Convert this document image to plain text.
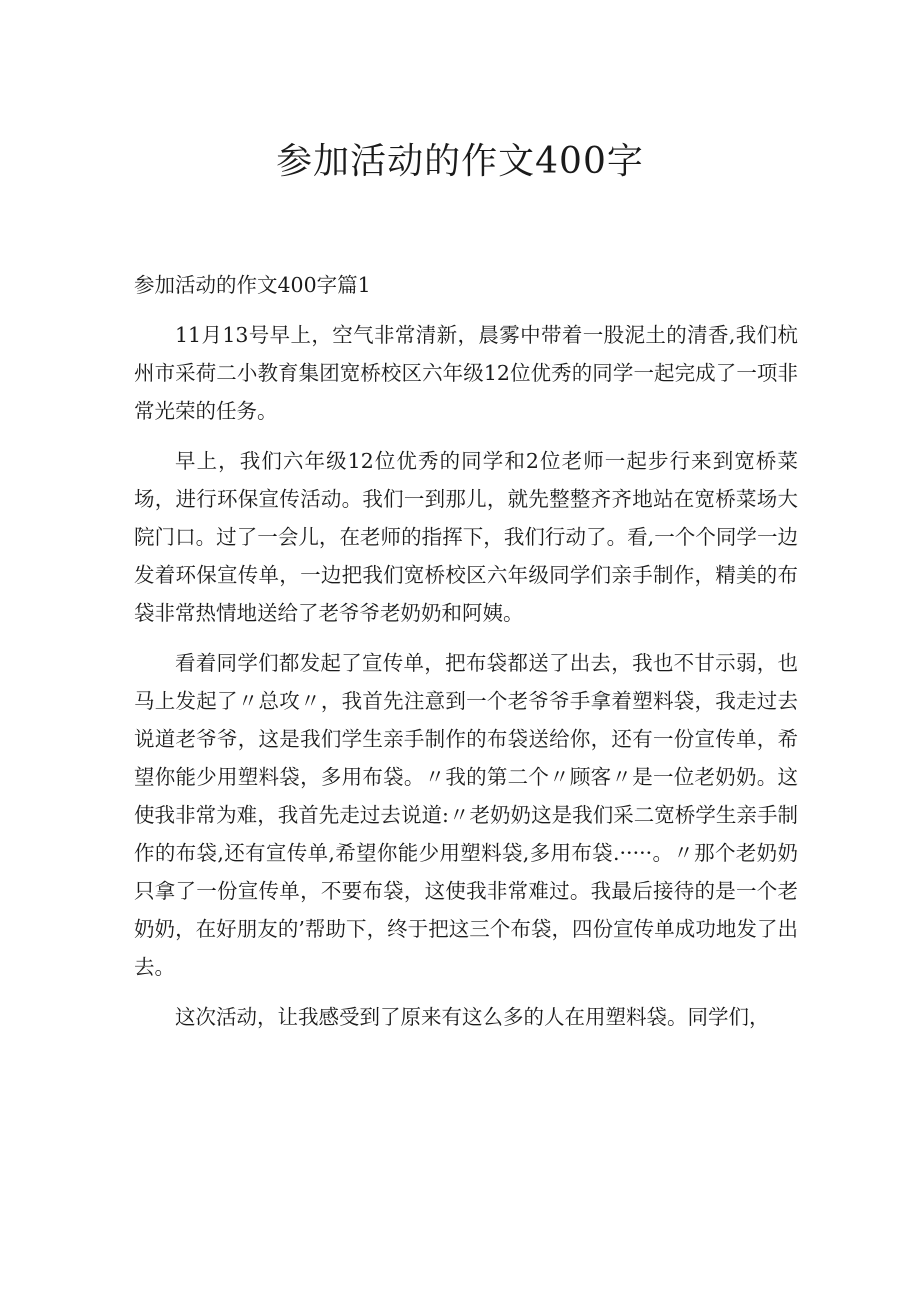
参加活动的作文400字

参加活动的作文400字篇1

11月13号早上，空气非常清新，晨雾中带着一股泥土的清香,我们杭州市采荷二小教育集团宽桥校区六年级12位优秀的同学一起完成了一项非常光荣的任务。

早上，我们六年级12位优秀的同学和2位老师一起步行来到宽桥菜场，进行环保宣传活动。我们一到那儿，就先整整齐齐地站在宽桥菜场大院门口。过了一会儿，在老师的指挥下，我们行动了。看,一个个同学一边发着环保宣传单，一边把我们宽桥校区六年级同学们亲手制作，精美的布袋非常热情地送给了老爷爷老奶奶和阿姨。

看着同学们都发起了宣传单，把布袋都送了出去，我也不甘示弱，也马上发起了〃总攻〃，我首先注意到一个老爷爷手拿着塑料袋，我走过去说道老爷爷，这是我们学生亲手制作的布袋送给你，还有一份宣传单，希望你能少用塑料袋，多用布袋。〃我的第二个〃顾客〃是一位老奶奶。这使我非常为难，我首先走过去说道:〃老奶奶这是我们采二宽桥学生亲手制作的布袋,还有宣传单,希望你能少用塑料袋,多用布袋.·····。〃那个老奶奶只拿了一份宣传单，不要布袋，这使我非常难过。我最后接待的是一个老奶奶，在好朋友的’帮助下，终于把这三个布袋，四份宣传单成功地发了出去。

这次活动，让我感受到了原来有这么多的人在用塑料袋。同学们，
